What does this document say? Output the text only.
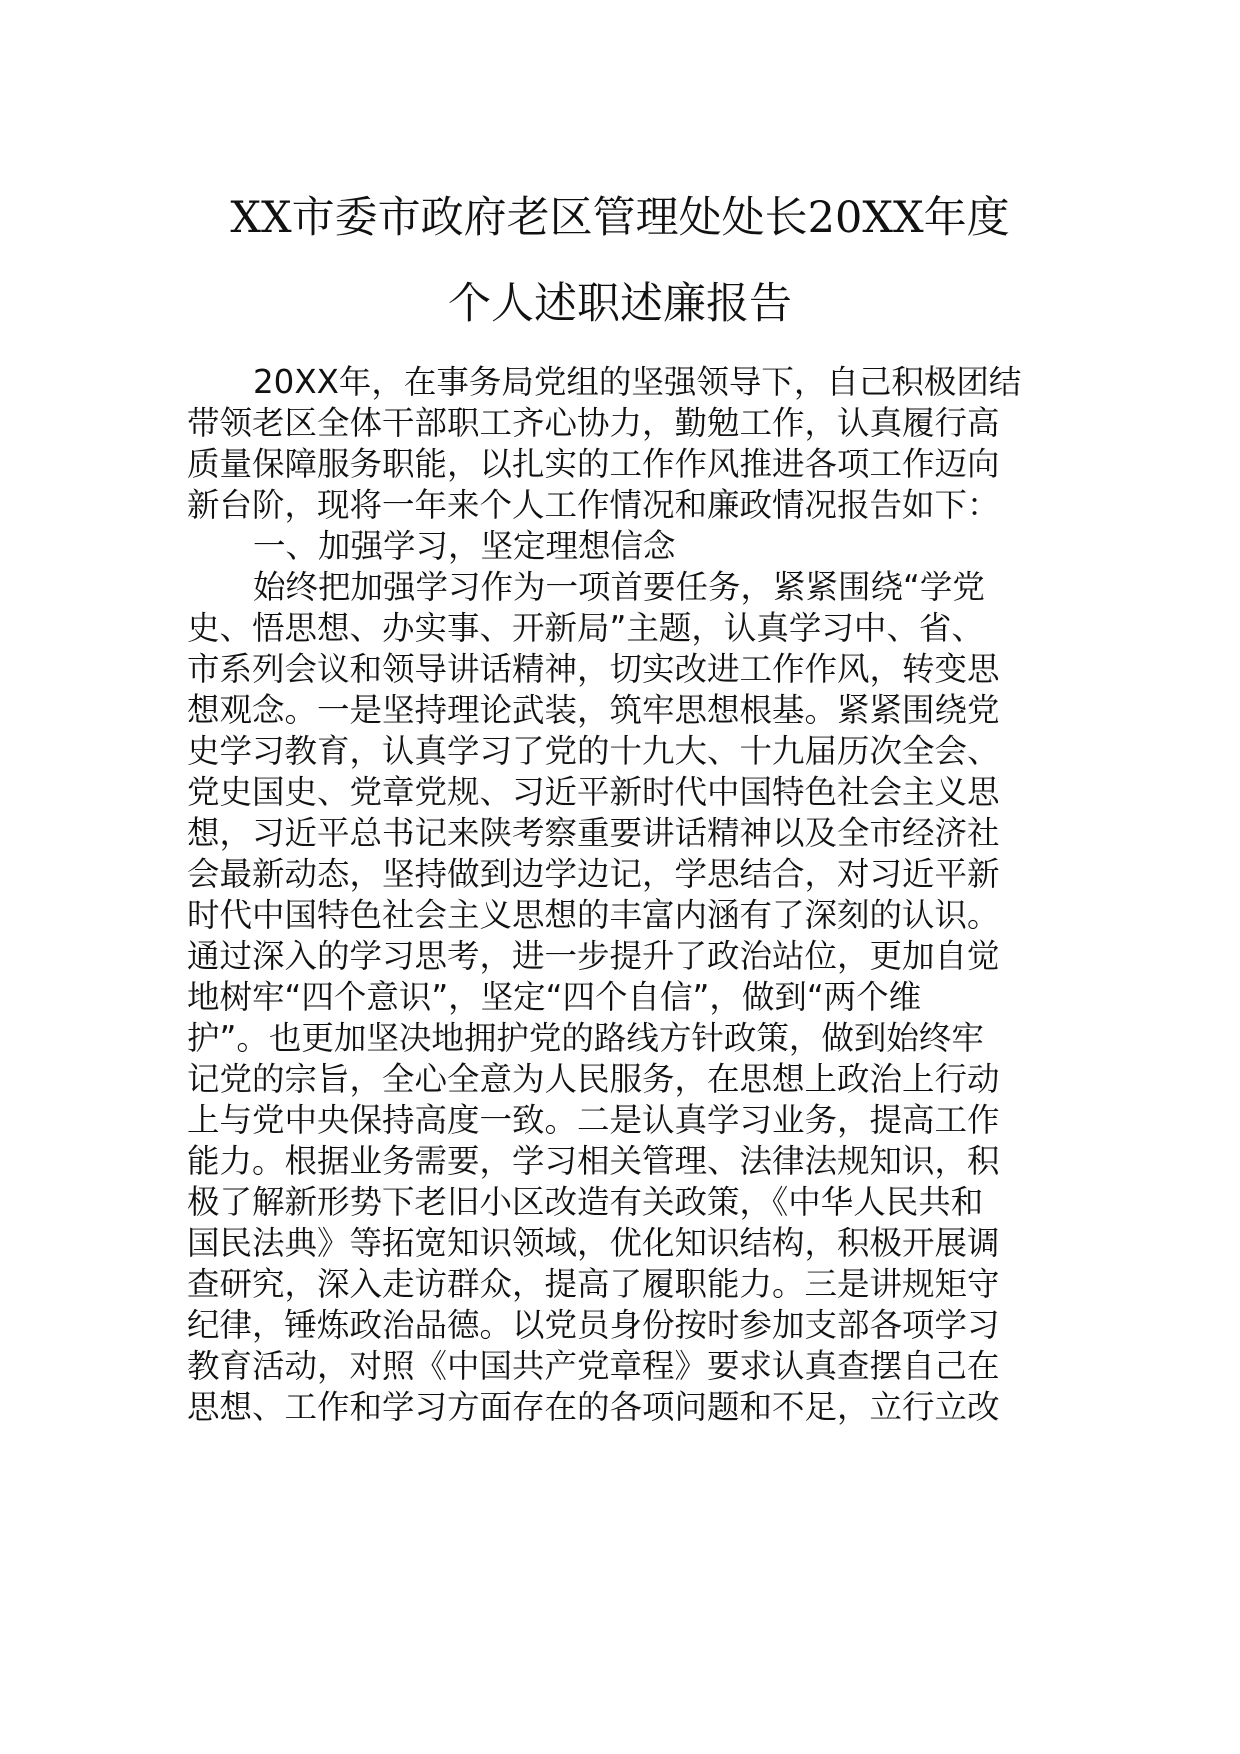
XX市委市政府老区管理处处长20XX年度
个人述职述廉报告
20XX年，在事务局党组的坚强领导下，自己积极团结
带领老区全体干部职工齐心协力，勤勉工作，认真履行高
质量保障服务职能，以扎实的工作作风推进各项工作迈向
新台阶，现将一年来个人工作情况和廉政情况报告如下：
一、加强学习，坚定理想信念
始终把加强学习作为一项首要任务，紧紧围绕“学党
史、悟思想、办实事、开新局”主题，认真学习中、省、
市系列会议和领导讲话精神，切实改进工作作风，转变思
想观念。一是坚持理论武装，筑牢思想根基。紧紧围绕党
史学习教育，认真学习了党的十九大、十九届历次全会、
党史国史、党章党规、习近平新时代中国特色社会主义思
想，习近平总书记来陕考察重要讲话精神以及全市经济社
会最新动态，坚持做到边学边记，学思结合，对习近平新
时代中国特色社会主义思想的丰富内涵有了深刻的认识。
通过深入的学习思考，进一步提升了政治站位，更加自觉
地树牢“四个意识”，坚定“四个自信”，做到“两个维
护”。也更加坚决地拥护党的路线方针政策，做到始终牢
记党的宗旨，全心全意为人民服务，在思想上政治上行动
上与党中央保持高度一致。二是认真学习业务，提高工作
能力。根据业务需要，学习相关管理、法律法规知识，积
极了解新形势下老旧小区改造有关政策，《中华人民共和
国民法典》等拓宽知识领域，优化知识结构，积极开展调
查研究，深入走访群众，提高了履职能力。三是讲规矩守
纪律，锤炼政治品德。以党员身份按时参加支部各项学习
教育活动，对照《中国共产党章程》要求认真查摆自己在
思想、工作和学习方面存在的各项问题和不足，立行立改
